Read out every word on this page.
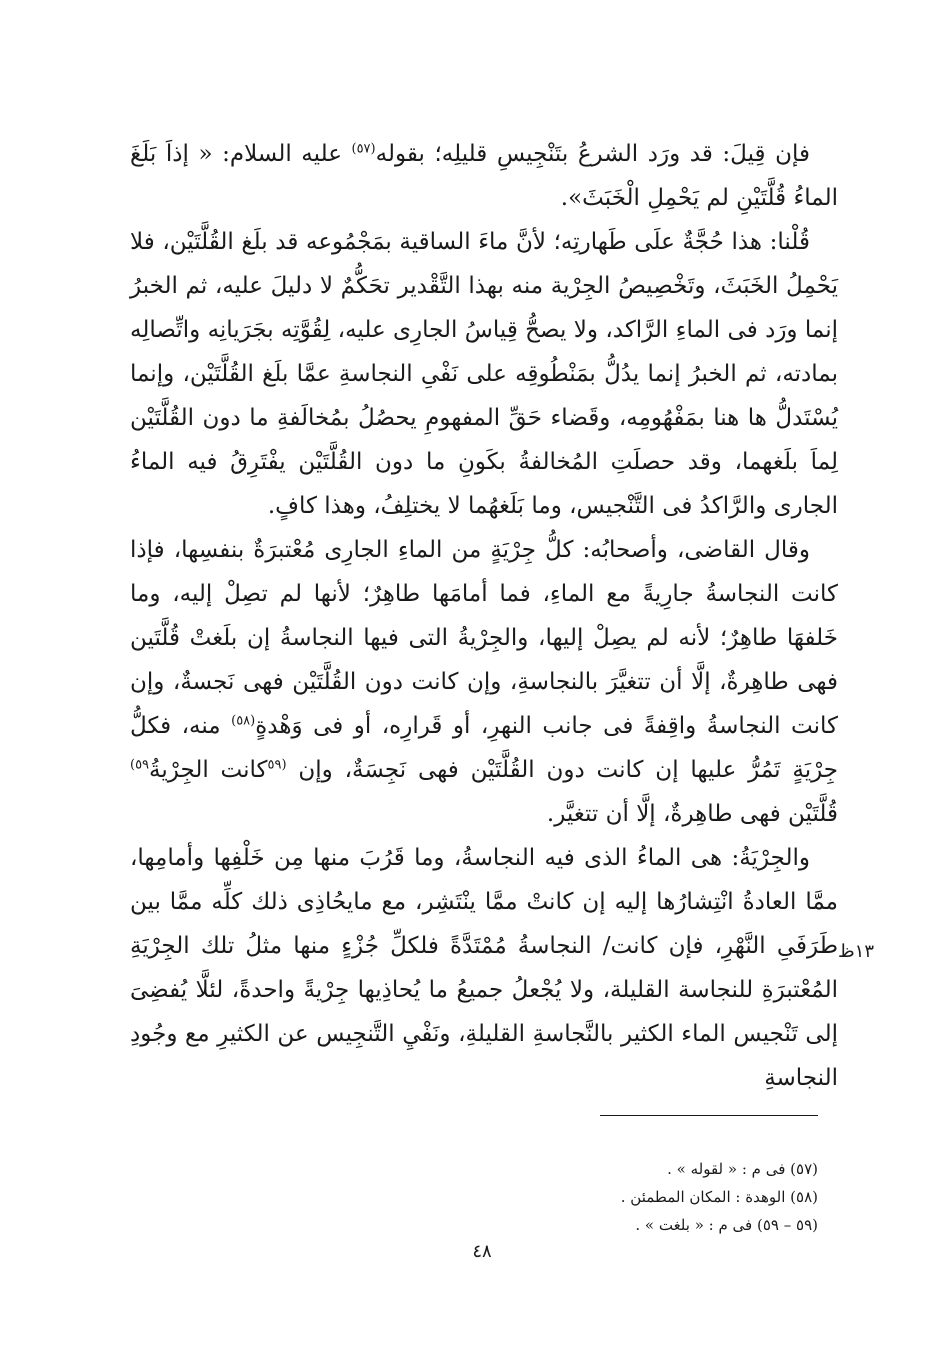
فإن قِيلَ: قد ورَد الشرعُ بتَنْجِيسِ قليلِه؛ بقوله$^{(٥٧)}$ عليه السلام: « إذاَ بَلَغَ الماءُ قُلَّتَيْنِ لم يَحْمِلِ الْخَبَثَ».

قُلْنا: هذا حُجَّةٌ علَى طَهارتِه؛ لأنَّ ماءَ الساقية بمَجْمُوعه قد بلَغ القُلَّتَيْن، فلا يَحْمِلُ الخَبَثَ، وتَخْصِيصُ الجِرْية منه بهذا التَّقْدير تحَكُّمٌ لا دليلَ عليه، ثم الخبرُ إنما ورَد فى الماءِ الرَّاكد، ولا يصحُّ قِياسُ الجارِى عليه، لِقُوَّتِه بجَرَيانِه واتِّصالِه بمادته، ثم الخبرُ إنما يدُلُّ بمَنْطُوقِه على نَفْىِ النجاسةِ عمَّا بلَغ القُلَّتَيْن، وإنما يُسْتَدلُّ ها هنا بمَفْهُومِه، وقَضاء حَقِّ المفهومِ يحصُلُ بمُخالَفةِ ما دون القُلَّتَيْن لِماَ بلَغهما، وقد حصلَتِ المُخالفةُ بكَونِ ما دون القُلَّتَيْن يفْتَرِقُ فيه الماءُ الجارى والرَّاكدُ فى التَّنْجيس، وما بَلَغهُما لا يختلِفُ، وهذا كافٍ.

وقال القاضى، وأصحابُه: كلُّ جِرْيَةٍ من الماءِ الجارِى مُعْتبرَةٌ بنفسِها، فإذا كانت النجاسةُ جارِيةً مع الماءِ، فما أمامَها طاهِرٌ؛ لأنها لم تصِلْ إليه، وما خَلفهَا طاهِرٌ؛ لأنه لم يصِلْ إليها، والجِرْيةُ التى فيها النجاسةُ إن بلَغتْ قُلَّتَين فهى طاهِرةٌ، إلَّا أن تتغيَّرَ بالنجاسةِ، وإن كانت دون القُلَّتَيْن فهى نَجسةٌ، وإن كانت النجاسةُ واقِفةً فى جانب النهرِ، أو قَرارِه، أو فى وَهْدةٍ$^{(٥٨)}$ منه، فكلُّ جِرْيَةٍ تَمُرُّ عليها إن كانت دون القُلَّتَيْن فهى نَجِسَةٌ، وإن $^{(٥٩}$كانت الجِرْيةُ$^{٥٩)}$ قُلَّتَيْن فهى طاهِرةٌ، إلَّا أن تتغيَّر.

والجِرْيَةُ: هى الماءُ الذى فيه النجاسةُ، وما قَرُبَ منها مِن خَلْفِها وأمامِها، ممَّا العادةُ انْتِشارُها إليه إن كانتْ ممَّا ينْتَشِر، مع مايحُاذِى ذلك كلِّه ممَّا بين طَرَفَىِ النَّهْرِ، فإن كانت/ النجاسةُ مُمْتَدَّةً فلكلِّ جُزْءٍ منها مثلُ تلك الجِرْيَةِ المُعْتبرَةِ للنجاسة القليلة، ولا يُجْعلُ جميعُ ما يُحاذِيها جِرْيةً واحدةً، لئلَّا يُفضِىَ إلى تَنْجيس الماء الكثير بالنَّجاسةِ القليلةِ، ونَفْيِ التَّنجِيس عن الكثيرِ مع وجُودِ النجاسةِ

١٣ظ
(٥٧) فى م : « لقوله » .
(٥٨) الوهدة : المكان المطمئن .
(٥٩ – ٥٩) فى م : « بلغت » .
٤٨
